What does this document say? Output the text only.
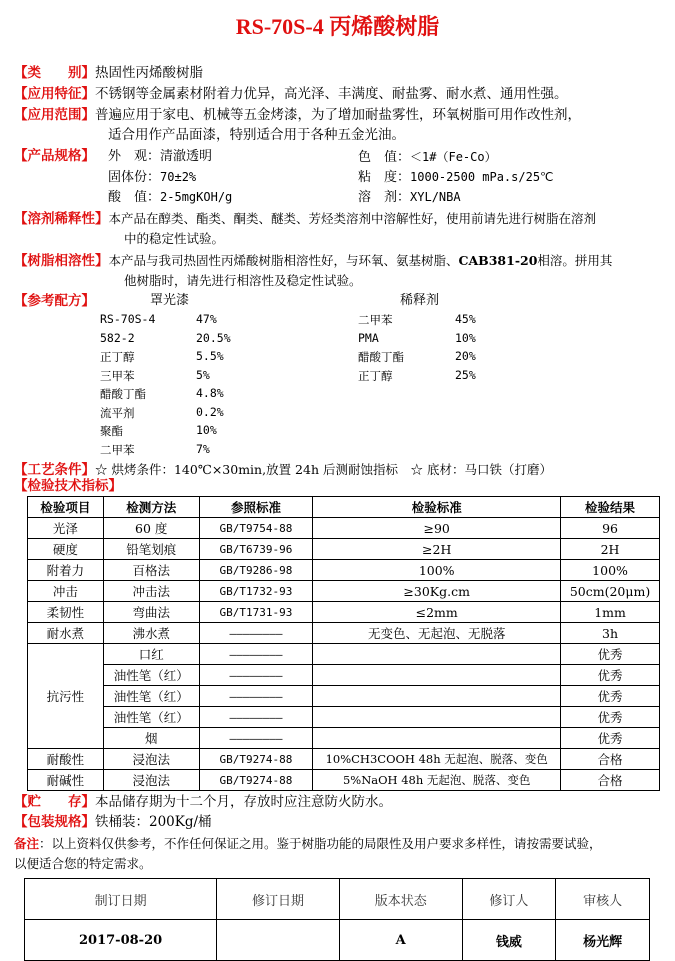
RS-70S-4 丙烯酸树脂
【类　　别】热固性丙烯酸树脂
【应用特征】不锈钢等金属素材附着力优异，高光泽、丰满度、耐盐雾、耐水煮、通用性强。
【应用范围】普遍应用于家电、机械等五金烤漆，为了增加耐盐雾性，环氧树脂可用作改性剂，
适合用作产品面漆，特别适合用于各种五金光油。
【产品规格】 外　观：清澈透明	色　值：＜1#（Fe-Co）
固体份：70±2%	粘　度：1000-2500 mPa.s/25℃
酸　值：2-5mgKOH/g	溶　剂：XYL/NBA
【溶剂稀释性】本产品在醇类、酯类、酮类、醚类、芳烃类溶剂中溶解性好，使用前请先进行树脂在溶剂
中的稳定性试验。
【树脂相溶性】本产品与我司热固性丙烯酸树脂相溶性好，与环氧、氨基树脂、CAB381-20相溶。拼用其
他树脂时，请先进行相溶性及稳定性试验。
【参考配方】	罩光漆	稀释剂
RS-70S-4	47%
582-2	20.5%
正丁醇	5.5%
三甲苯	5%
醋酸丁酯	4.8%
流平剂	0.2%
聚酯	10%
二甲苯	7%
二甲苯	45%
PMA	10%
醋酸丁酯	20%
正丁醇	25%
【工艺条件】☆ 烘烤条件：140℃×30min,放置 24h 后测耐蚀指标　☆ 底材：马口铁（打磨）
【检验技术指标】
检验项目	检测方法	参照标准	检验标准	检验结果
光泽	60 度	GB/T9754-88	≥90	96
硬度	铅笔划痕	GB/T6739-96	≥2H	2H
附着力	百格法	GB/T9286-98	100%	100%
冲击	冲击法	GB/T1732-93	≥30Kg.cm	50cm(20μm)
柔韧性	弯曲法	GB/T1731-93	≤2mm	1mm
耐水煮	沸水煮	————————	无变色、无起泡、无脱落	3h
抗污性	口红	————————		优秀
	油性笔（红）	————————		优秀
	油性笔（红）	————————		优秀
	油性笔（红）	————————		优秀
	烟	————————		优秀
耐酸性	浸泡法	GB/T9274-88	10%CH3COOH 48h 无起泡、脱落、变色	合格
耐碱性	浸泡法	GB/T9274-88	5%NaOH 48h 无起泡、脱落、变色	合格
【贮　　存】本品储存期为十二个月，存放时应注意防火防水。
【包装规格】铁桶装：200Kg/桶
备注：以上资料仅供参考，不作任何保证之用。鉴于树脂功能的局限性及用户要求多样性，请按需要试验，
以便适合您的特定需求。
制订日期	修订日期	版本状态	修订人	审核人
2017-08-20		A	钱威	杨光辉
